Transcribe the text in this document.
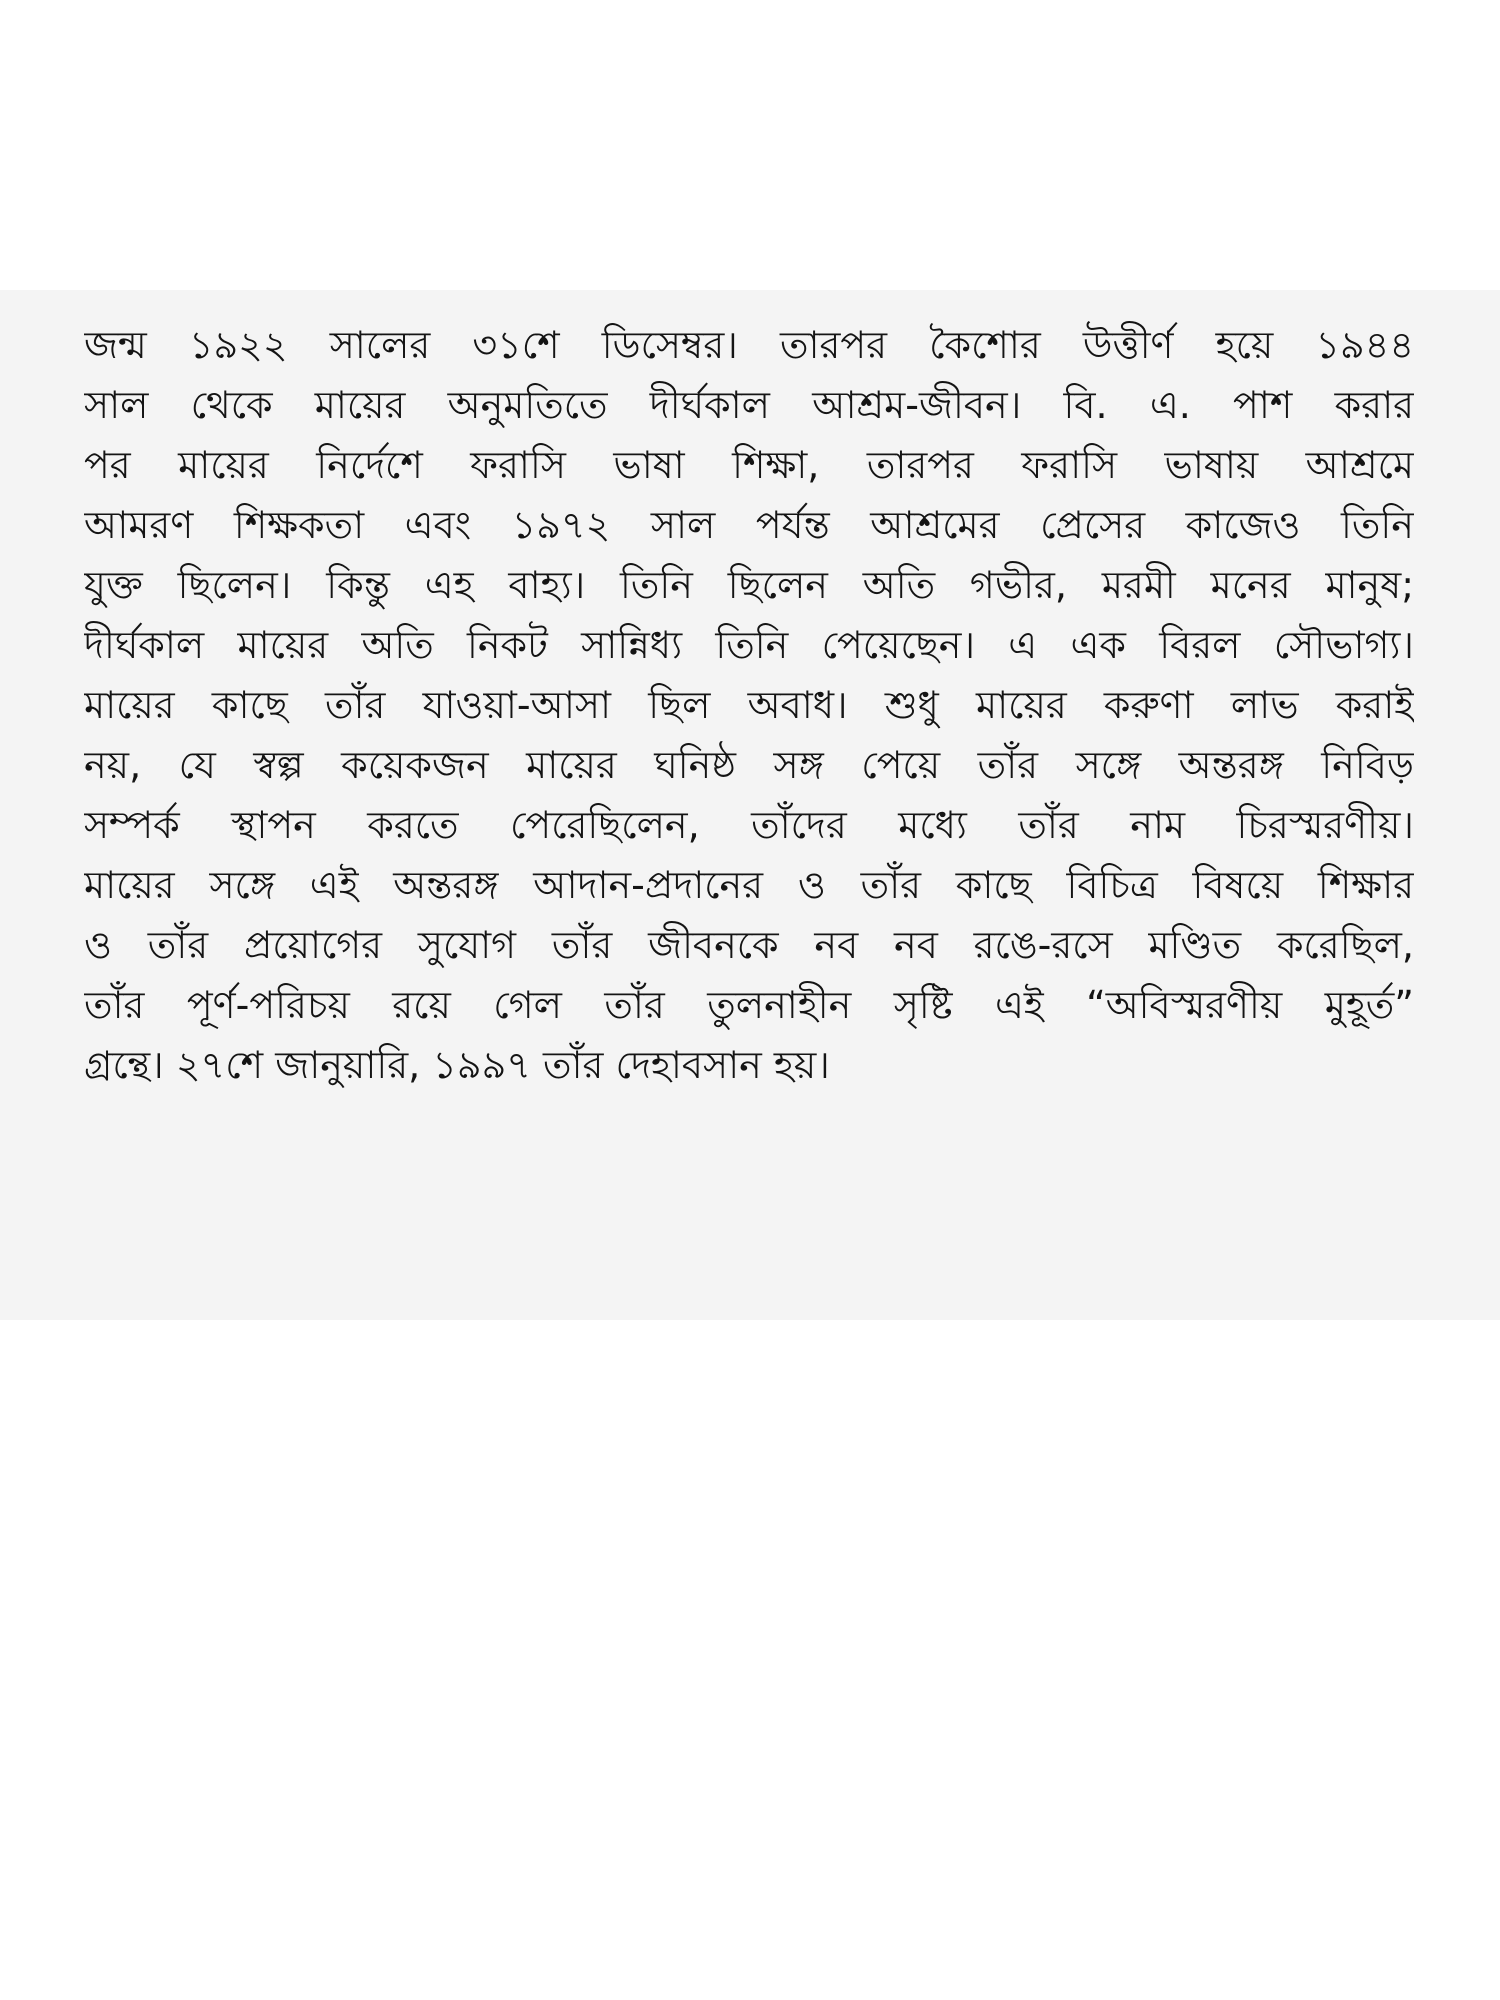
জন্ম ১৯২২ সালের ৩১শে ডিসেম্বর। তারপর কৈশোর উত্তীর্ণ হয়ে ১৯৪৪
সাল থেকে মায়ের অনুমতিতে দীর্ঘকাল আশ্রম-জীবন। বি. এ. পাশ করার
পর মায়ের নির্দেশে ফরাসি ভাষা শিক্ষা, তারপর ফরাসি ভাষায় আশ্রমে
আমরণ শিক্ষকতা এবং ১৯৭২ সাল পর্যন্ত আশ্রমের প্রেসের কাজেও তিনি
যুক্ত ছিলেন। কিন্তু এহ বাহ্য। তিনি ছিলেন অতি গভীর, মরমী মনের মানুষ;
দীর্ঘকাল মায়ের অতি নিকট সান্নিধ্য তিনি পেয়েছেন। এ এক বিরল সৌভাগ্য।
মায়ের কাছে তাঁর যাওয়া-আসা ছিল অবাধ। শুধু মায়ের করুণা লাভ করাই
নয়, যে স্বল্প কয়েকজন মায়ের ঘনিষ্ঠ সঙ্গ পেয়ে তাঁর সঙ্গে অন্তরঙ্গ নিবিড়
সম্পর্ক স্থাপন করতে পেরেছিলেন, তাঁদের মধ্যে তাঁর নাম চিরস্মরণীয়।
মায়ের সঙ্গে এই অন্তরঙ্গ আদান-প্রদানের ও তাঁর কাছে বিচিত্র বিষয়ে শিক্ষার
ও তাঁর প্রয়োগের সুযোগ তাঁর জীবনকে নব নব রঙে-রসে মণ্ডিত করেছিল,
তাঁর পূর্ণ-পরিচয় রয়ে গেল তাঁর তুলনাহীন সৃষ্টি এই “অবিস্মরণীয় মুহূর্ত”
গ্রন্থে। ২৭শে জানুয়ারি, ১৯৯৭ তাঁর দেহাবসান হয়।
